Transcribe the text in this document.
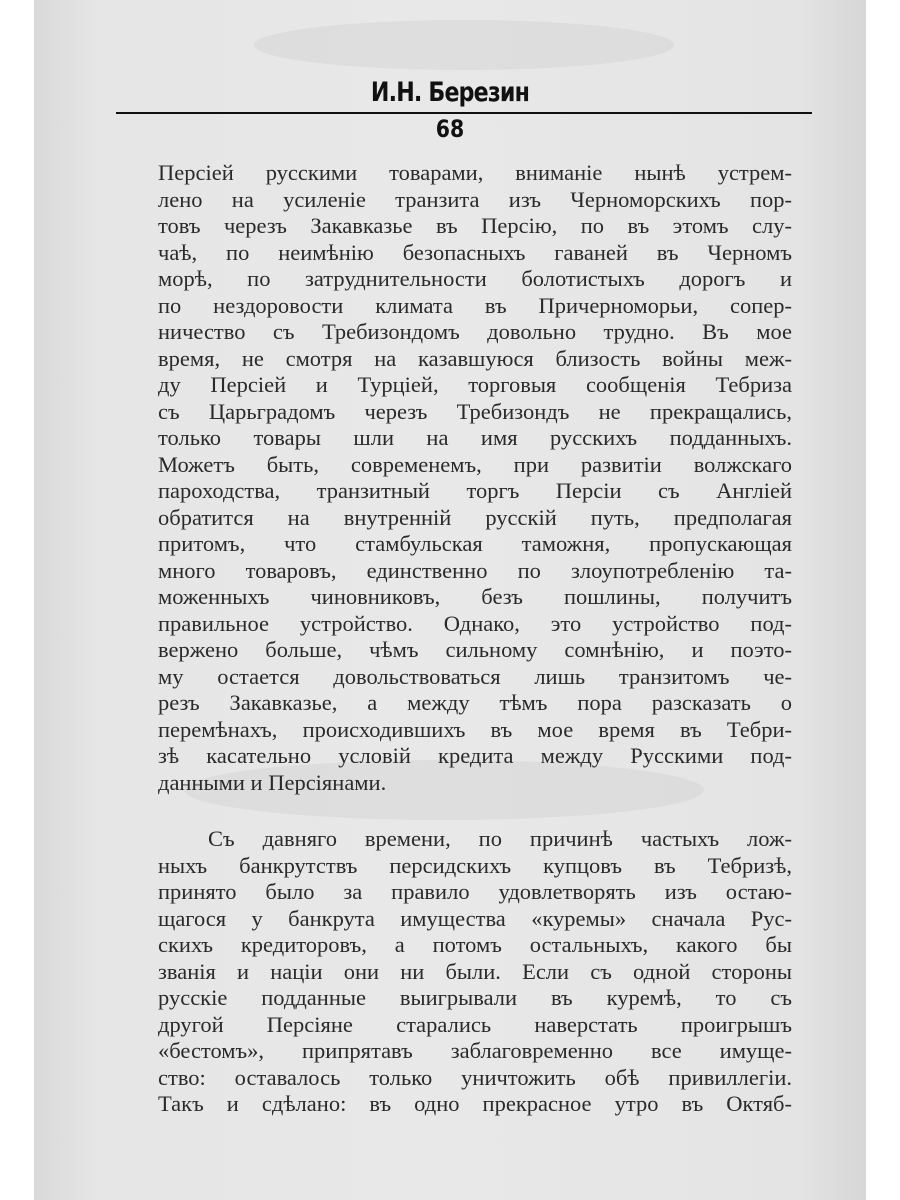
И.Н. Березин
68
Персіей русскими товарами, вниманіе нынѣ устрем-
лено на усиленіе транзита изъ Черноморскихъ пор-
товъ черезъ Закавказье въ Персію, по въ этомъ слу-
чаѣ, по неимѣнію безопасныхъ гаваней въ Черномъ
морѣ, по затруднительности болотистыхъ дорогъ и
по нездоровости климата въ Причерноморьи, сопер-
ничество съ Требизондомъ довольно трудно. Въ мое
время, не смотря на казавшуюся близость войны меж-
ду Персіей и Турціей, торговыя сообщенія Тебриза
съ Царьградомъ черезъ Требизондъ не прекращались,
только товары шли на имя русскихъ подданныхъ.
Можетъ быть, современемъ, при развитіи волжскаго
пароходства, транзитный торгъ Персіи съ Англіей
обратится на внутренній русскій путь, предполагая
притомъ, что стамбульская таможня, пропускающая
много товаровъ, единственно по злоупотребленію та-
моженныхъ чиновниковъ, безъ пошлины, получитъ
правильное устройство. Однако, это устройство под-
вержено больше, чѣмъ сильному сомнѣнію, и поэто-
му остается довольствоваться лишь транзитомъ че-
резъ Закавказье, а между тѣмъ пора разсказать о
перемѣнахъ, происходившихъ въ мое время въ Тебри-
зѣ касательно условій кредита между Русскими под-
данными и Персіянами.
Съ давняго времени, по причинѣ частыхъ лож-
ныхъ банкрутствъ персидскихъ купцовъ въ Тебризѣ,
принято было за правило удовлетворять изъ остаю-
щагося у банкрута имущества «куремы» сначала Рус-
скихъ кредиторовъ, а потомъ остальныхъ, какого бы
званія и націи они ни были. Если съ одной стороны
русскіе подданные выигрывали въ куремѣ, то съ
другой Персіяне старались наверстать проигрышъ
«бестомъ», припрятавъ заблаговременно все имуще-
ство: оставалось только уничтожить обѣ привиллегіи.
Такъ и сдѣлано: въ одно прекрасное утро въ Октяб-
